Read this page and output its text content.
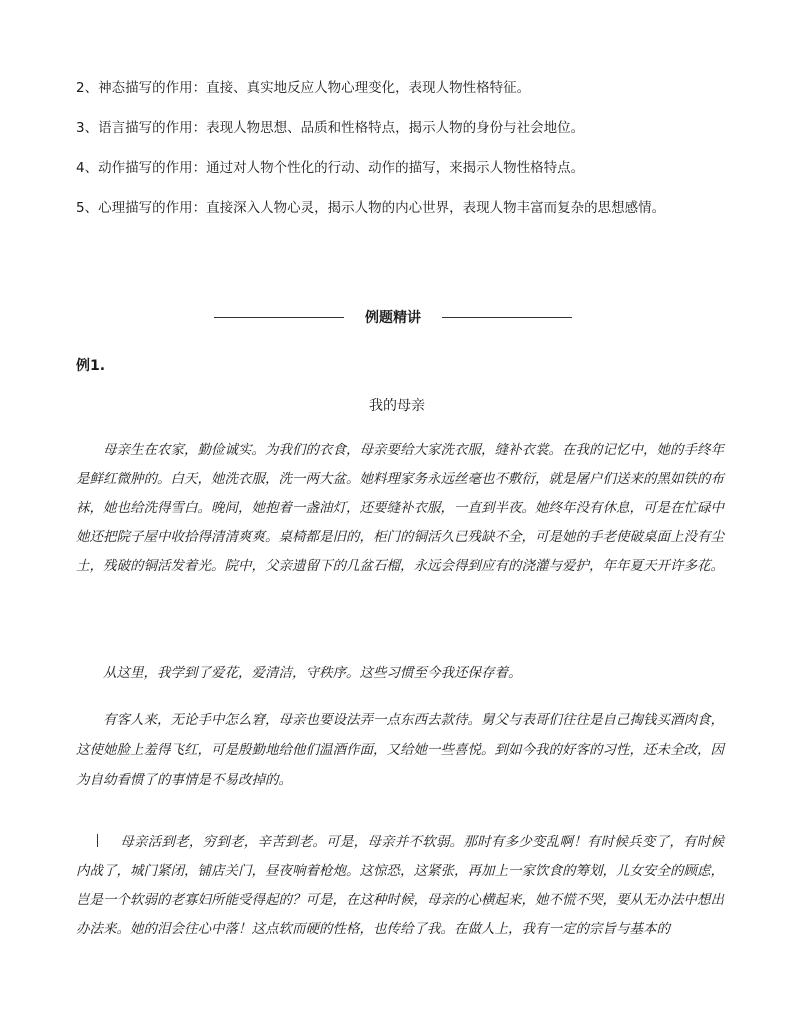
2、神态描写的作用：直接、真实地反应人物心理变化，表现人物性格特征。
3、语言描写的作用：表现人物思想、品质和性格特点，揭示人物的身份与社会地位。
4、动作描写的作用：通过对人物个性化的行动、动作的描写，来揭示人物性格特点。
5、心理描写的作用：直接深入人物心灵，揭示人物的内心世界，表现人物丰富而复杂的思想感情。
例题精讲
例1.
我的母亲
母亲生在农家，勤俭诚实。为我们的衣食，母亲要给大家洗衣服，缝补衣裳。在我的记忆中，她的手终年是鲜红微肿的。白天，她洗衣服，洗一两大盆。她料理家务永远丝毫也不敷衍，就是屠户们送来的黑如铁的布袜，她也给洗得雪白。晚间，她抱着一盏油灯，还要缝补衣服，一直到半夜。她终年没有休息，可是在忙碌中她还把院子屋中收拾得清清爽爽。桌椅都是旧的，柜门的铜活久已残缺不全，可是她的手老使破桌面上没有尘土，残破的铜活发着光。院中，父亲遗留下的几盆石榴，永远会得到应有的浇灌与爱护，年年夏天开许多花。
从这里，我学到了爱花，爱清洁，守秩序。这些习惯至今我还保存着。
有客人来，无论手中怎么窘，母亲也要设法弄一点东西去款待。舅父与表哥们往往是自己掏钱买酒肉食，这使她脸上羞得飞红，可是殷勤地给他们温酒作面，又给她一些喜悦。到如今我的好客的习性，还未全改，因为自幼看惯了的事情是不易改掉的。
母亲活到老，穷到老，辛苦到老。可是，母亲并不软弱。那时有多少变乱啊！有时候兵变了，有时候内战了，城门紧闭，铺店关门，昼夜响着枪炮。这惊恐，这紧张，再加上一家饮食的筹划，儿女安全的顾虑，岂是一个软弱的老寡妇所能受得起的？可是，在这种时候，母亲的心横起来，她不慌不哭，要从无办法中想出办法来。她的泪会往心中落！这点软而硬的性格，也传给了我。在做人上，我有一定的宗旨与基本的
